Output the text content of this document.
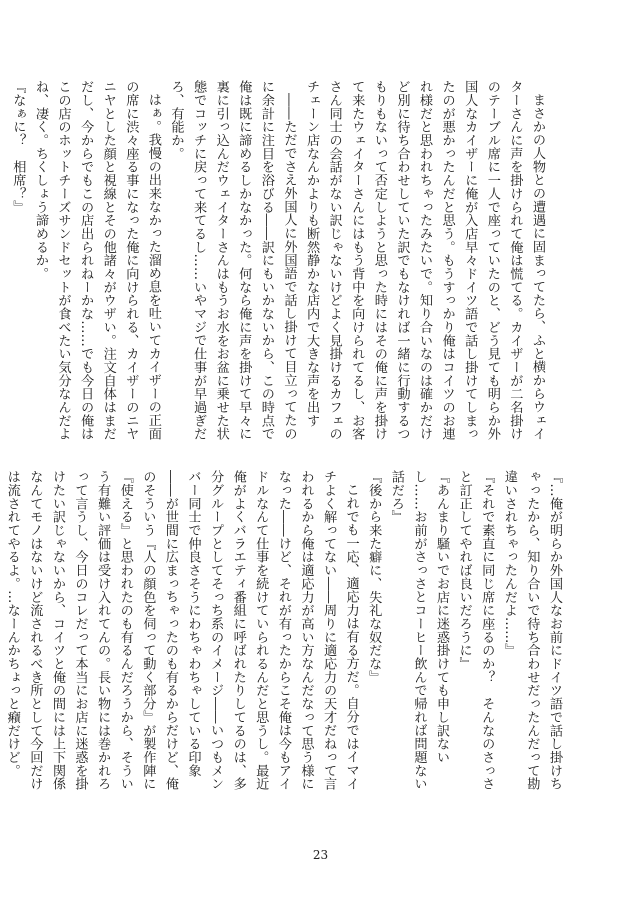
まさかの人物との遭遇に固まってたら、ふと横からウェイターさんに声を掛けられて俺は慌てる。カイザーが二名掛けのテーブル席に一人で座っていたのと、どう見ても明らか外国人なカイザーに俺が入店早々ドイツ語で話し掛けてしまったのが悪かったんだと思う。もうすっかり俺はコイツのお連れ様だと思われちゃったみたいで。知り合いなのは確かだけど別に待ち合わせしていた訳でもなければ一緒に行動するつもりもないって否定しようと思った時にはその俺に声を掛けて来たウェイターさんにはもう背中を向けられてるし、お客さん同士の会話がない訳じゃないけどよく見掛けるカフェのチェーン店なんかよりも断然静かな店内で大きな声を出す

――ただでさえ外国人に外国語で話し掛けて目立ってたのに余計に注目を浴びる――訳にもいかないから、この時点で俺は既に諦めるしかなかった。何なら俺に声を掛けて早々に裏に引っ込んだウェイターさんはもうお水をお盆に乗せた状態でコッチに戻って来てるし……いやマジで仕事が早過ぎだろ、有能か。

はぁ。我慢の出来なかった溜め息を吐いてカイザーの正面の席に渋々座る事になった俺に向けられる、カイザーのニヤニヤとした顔と視線とその他諸々がウザい。注文自体はまだだし、今からでもこの店出られねーかな……でも今日の俺はこの店のホットチーズサンドセットが食べたい気分なんだよね、凄く。ちくしょう諦めるか。

『なぁに？　相席？』

『…俺が明らか外国人なお前にドイツ語で話し掛けちゃったから、知り合いで待ち合わせだったんだって勘違いされちゃったんだよ……』

『それで素直に同じ席に座るのか？　そんなのさっさと訂正してやれば良いだろうに』

『あんまり騒いでお店に迷惑掛けても申し訳ないし……お前がさっさとコーヒー飲んで帰れば問題ない話だろ』

『後から来た癖に、失礼な奴だな』

これでも一応、適応力は有る方だ。自分ではイマイチよく解ってない――周りに適応力の天才だねって言われるから俺は適応力が高い方なんだなって思う様になった――けど、それが有ったからこそ俺は今もアイドルなんて仕事を続けていられるんだと思うし。最近俺がよくバラエティ番組に呼ばれたりしてるのは、多分グループとしてそっち系のイメージ――いつもメンバー同士で仲良さそうにわちゃわちゃしている印象――が世間に広まっちゃったのも有るからだけど、俺のそういう『人の顔色を伺って動く部分』が製作陣に『使える』と思われたのも有るんだろうから、そういう有難い評価は受け入れてんの。長い物には巻かれろって言うし、今日のコレだって本当にお店に迷惑を掛けたい訳じゃないから、コイツと俺の間には上下関係なんてモノはないけど流されるべき所として今回だけは流されてやるよ。…なーんかちょっと癪だけど。

23
